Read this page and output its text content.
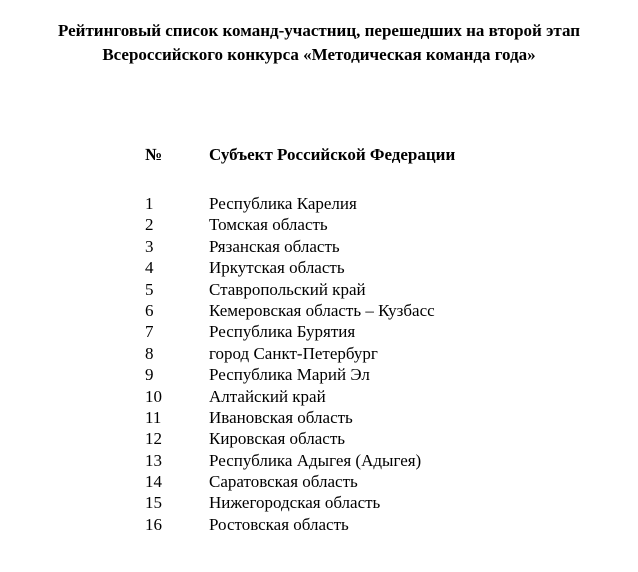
Рейтинговый список команд-участниц, перешедших на второй этап
Всероссийского конкурса «Методическая команда года»
№	Субъект Российской Федерации
1	Республика Карелия
2	Томская область
3	Рязанская область
4	Иркутская область
5	Ставропольский край
6	Кемеровская область – Кузбасс
7	Республика Бурятия
8	город Санкт-Петербург
9	Республика Марий Эл
10	Алтайский край
11	Ивановская область
12	Кировская область
13	Республика Адыгея (Адыгея)
14	Саратовская область
15	Нижегородская область
16	Ростовская область
